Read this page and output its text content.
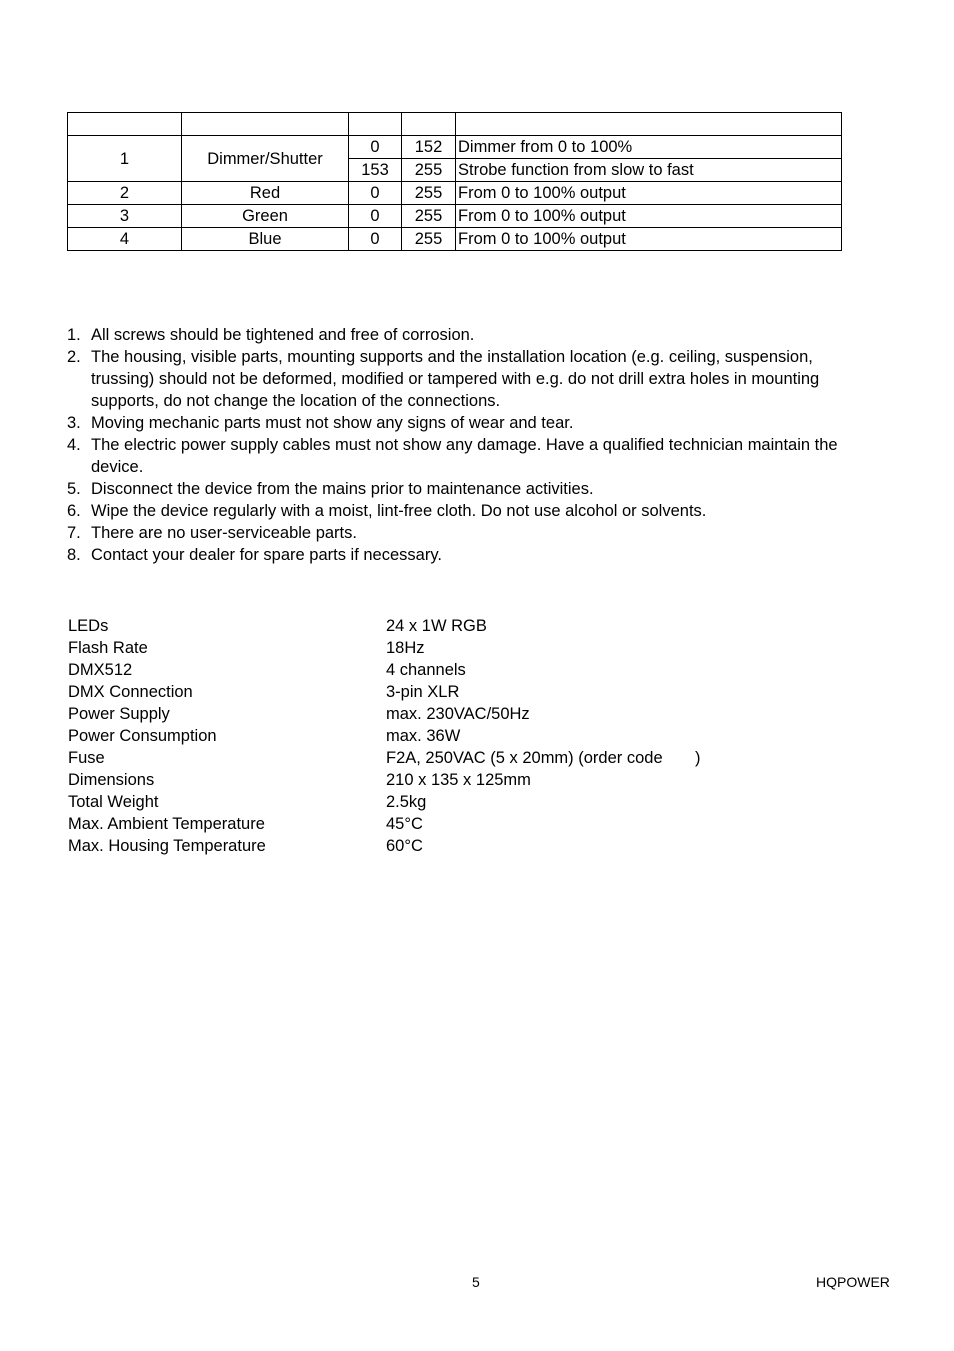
1	Dimmer/Shutter	0	152	Dimmer from 0 to 100%
		153	255	Strobe function from slow to fast
2	Red	0	255	From 0 to 100% output
3	Green	0	255	From 0 to 100% output
4	Blue	0	255	From 0 to 100% output
1. All screws should be tightened and free of corrosion.
2. The housing, visible parts, mounting supports and the installation location (e.g. ceiling, suspension, trussing) should not be deformed, modified or tampered with e.g. do not drill extra holes in mounting supports, do not change the location of the connections.
3. Moving mechanic parts must not show any signs of wear and tear.
4. The electric power supply cables must not show any damage. Have a qualified technician maintain the device.
5. Disconnect the device from the mains prior to maintenance activities.
6. Wipe the device regularly with a moist, lint-free cloth. Do not use alcohol or solvents.
7. There are no user-serviceable parts.
8. Contact your dealer for spare parts if necessary.
LEDs	24 x 1W RGB
Flash Rate	18Hz
DMX512	4 channels
DMX Connection	3-pin XLR
Power Supply	max. 230VAC/50Hz
Power Consumption	max. 36W
Fuse	F2A, 250VAC (5 x 20mm) (order code )
Dimensions	210 x 135 x 125mm
Total Weight	2.5kg
Max. Ambient Temperature	45°C
Max. Housing Temperature	60°C
5	HQPOWER
